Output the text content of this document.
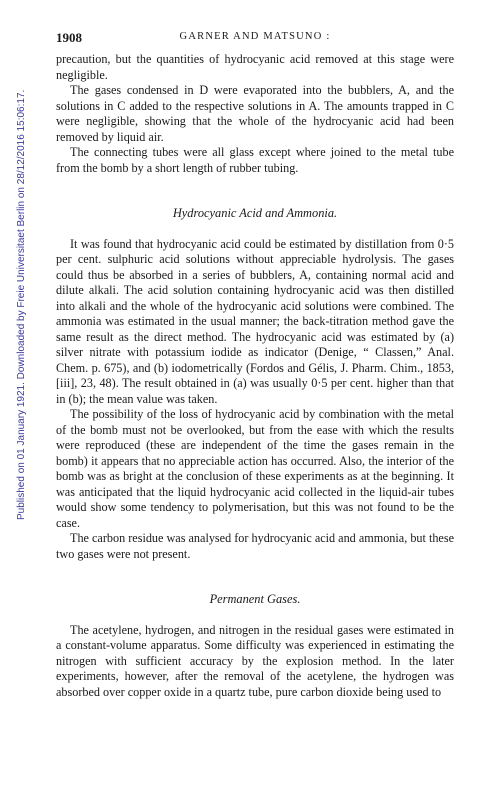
Published on 01 January 1921. Downloaded by Freie Universitaet Berlin on 28/12/2016 15:06:17.
1908	GARNER AND MATSUNO :

precaution, but the quantities of hydrocyanic acid removed at this stage were negligible.

The gases condensed in D were evaporated into the bubblers, A, and the solutions in C added to the respective solutions in A. The amounts trapped in C were negligible, showing that the whole of the hydrocyanic acid had been removed by liquid air.

The connecting tubes were all glass except where joined to the metal tube from the bomb by a short length of rubber tubing.

Hydrocyanic Acid and Ammonia.

It was found that hydrocyanic acid could be estimated by distillation from 0·5 per cent. sulphuric acid solutions without appreciable hydrolysis. The gases could thus be absorbed in a series of bubblers, A, containing normal acid and dilute alkali. The acid solution containing hydrocyanic acid was then distilled into alkali and the whole of the hydrocyanic acid solutions were combined. The ammonia was estimated in the usual manner; the back-titration method gave the same result as the direct method. The hydrocyanic acid was estimated by (a) silver nitrate with potassium iodide as indicator (Denige, “ Classen,” Anal. Chem. p. 675), and (b) iodometrically (Fordos and Gélis, J. Pharm. Chim., 1853, [iii], 23, 48). The result obtained in (a) was usually 0·5 per cent. higher than that in (b); the mean value was taken.

The possibility of the loss of hydrocyanic acid by combination with the metal of the bomb must not be overlooked, but from the ease with which the results were reproduced (these are independent of the time the gases remain in the bomb) it appears that no appreciable action has occurred. Also, the interior of the bomb was as bright at the conclusion of these experiments as at the beginning. It was anticipated that the liquid hydrocyanic acid collected in the liquid-air tubes would show some tendency to polymerisation, but this was not found to be the case.

The carbon residue was analysed for hydrocyanic acid and ammonia, but these two gases were not present.

Permanent Gases.

The acetylene, hydrogen, and nitrogen in the residual gases were estimated in a constant-volume apparatus. Some difficulty was experienced in estimating the nitrogen with sufficient accuracy by the explosion method. In the later experiments, however, after the removal of the acetylene, the hydrogen was absorbed over copper oxide in a quartz tube, pure carbon dioxide being used to
